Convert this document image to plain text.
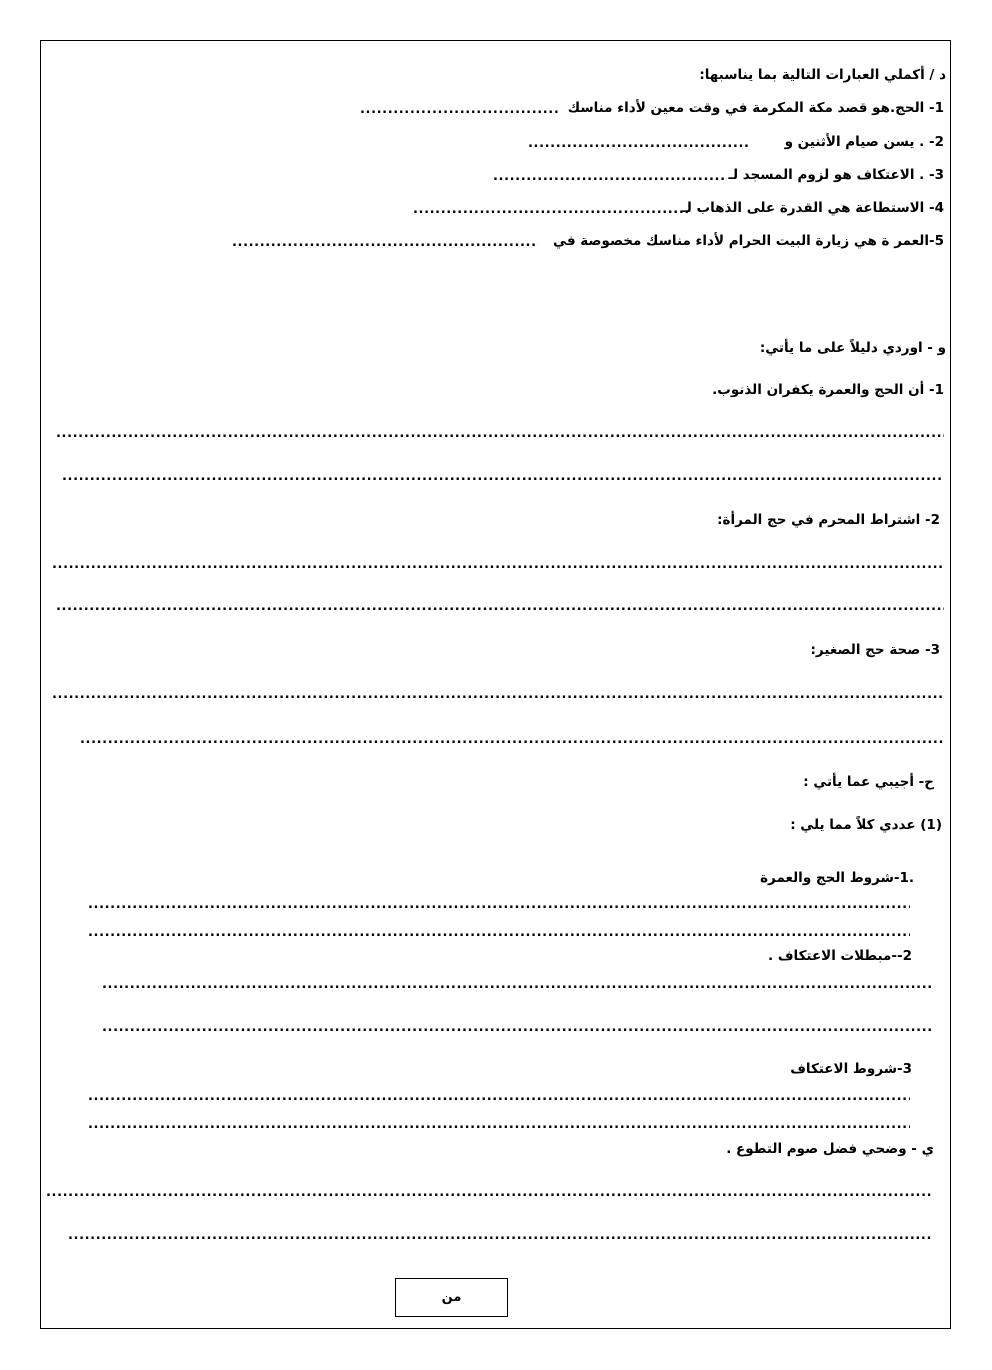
د / أكملي العبارات التالية بما يناسبها:
1- الحج.هو قصد مكة المكرمة في وقت معين لأداء مناسك
.....
2- . يسن صيام الأثنين و
.....
3- . الاعتكاف هو لزوم المسجد لـ
.....
4- الاستطاعة هي القدرة على الذهاب لـ
.....
5-العمر ة هي زيارة البيت الحرام لأداء مناسك مخصوصة في
.....
و - اوردي دليلاً على ما يأتي:
1- أن الحج والعمرة يكفران الذنوب.
.....
.....
2- اشتراط المحرم في حج المرأة:
.....
.....
3- صحة حج الصغير:
.....
.....
ح- أجيبي عما يأتي :
(1) عددي كلاً مما يلي :
.1-شروط الحج والعمرة
.....
.....
2--مبطلات الاعتكاف .
.....
.....
3-شروط الاعتكاف
.....
.....
ي - وضحي فضل صوم التطوع .
.....
.....
من
